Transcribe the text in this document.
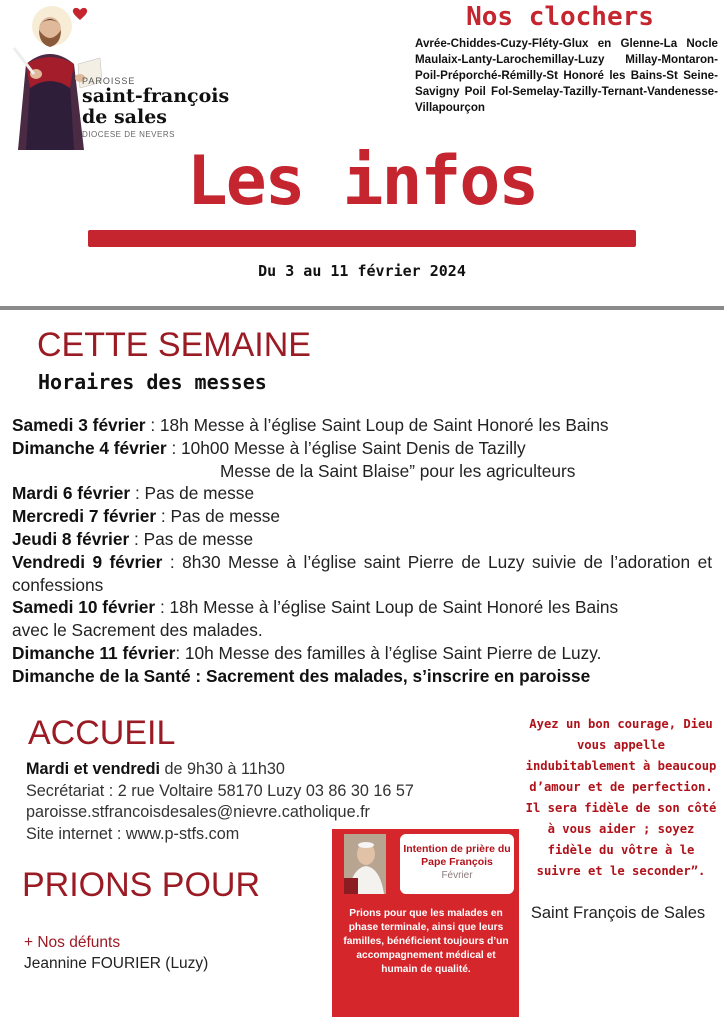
PAROISSE
saint-françois
de sales
DIOCESE DE NEVERS
Nos clochers
Avrée-Chiddes-Cuzy-Fléty-Glux en Glenne-La Nocle Maulaix-Lanty-Larochemillay-Luzy Millay-Montaron-Poil-Préporché-Rémilly-St Honoré les Bains-St Seine-Savigny Poil Fol-Semelay-Tazilly-Ternant-Vandenesse-Villapourçon
Les infos
Du 3 au 11 février 2024
CETTE SEMAINE
Horaires des messes
Samedi 3 février : 18h Messe à l’église Saint Loup de Saint Honoré les Bains
Dimanche 4 février : 10h00 Messe à l’église Saint Denis de Tazilly
Messe de la Saint Blaise” pour les agriculteurs
Mardi 6 février : Pas de messe
Mercredi 7 février : Pas de messe
Jeudi 8 février : Pas de messe
Vendredi 9 février : 8h30 Messe à l’église saint Pierre de Luzy suivie de l’adoration et confessions
Samedi 10 février : 18h Messe à l’église Saint Loup de Saint Honoré les Bains
avec le Sacrement des malades.
Dimanche 11 février: 10h Messe des familles à l’église Saint Pierre de Luzy.
Dimanche de la Santé : Sacrement des malades, s’inscrire en paroisse
ACCUEIL
Mardi et vendredi de 9h30 à 11h30
Secrétariat : 2 rue Voltaire 58170 Luzy 03 86 30 16 57
paroisse.stfrancoisdesales@nievre.catholique.fr
Site internet : www.p-stfs.com
PRIONS POUR
+ Nos défunts
Jeannine FOURIER (Luzy)
Intention de prière du Pape François
Février
Prions pour que les malades en phase terminale, ainsi que leurs familles, bénéficient toujours d’un accompagnement médical et humain de qualité.
Ayez un bon courage, Dieu vous appelle indubitablement à beaucoup d’amour et de perfection. Il sera fidèle de son côté à vous aider ; soyez fidèle du vôtre à le suivre et le seconder”.
Saint François de Sales
